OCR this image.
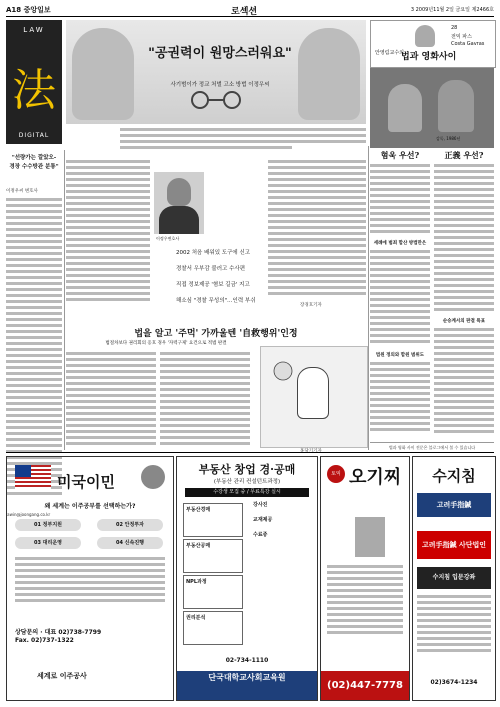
A18 중앙일보	로섹션	3 2009년11월 2일 금요일 제2466호
LAW
法
DIGITAL
"공권력이 원망스러워요"
사기범이가 정교 처벌 고소 방법 이정우씨
28
전익 파스
Costa Gavras
안영림교수의
법과 영화사이
감독, 1986년
"선량가는 깔았오-
경장 수수방관 분통"
이정우씨 변호사
lawin@joongang.co.kr
이정우변호사
2002 처음 배워있 도구에 신고
경찰서 우부감 불러고 수사편
직접 정보제공 '혐보 길금' 지고
해소심 "경찰 무성의"…인력 부쉬
장경호기자
법을 알고 '주먹' 가까울텐 '自救행위'인정
법절차보다 권리회의 옹호 경우 '자력구제' 요건으로 적법 판결
혐욱 우선?	正義 우선?
세례에 범죄 합산 방법만은
순숭계서의 판결 특표
법원 정의와 합원 범위도
법과 영화 사이 전문은 블로그에서 볼 수 있습니다
미국이민
왜 세계는 이주공부를 선택하는가?
01 정부지원	02 안정투자
03 대리운영	04 신속진행
상담문의 · 대표 02)738-7799
Fax. 02)737-1322
세계로 이주공사
부동산 창업 경·공매
(부동산 관리 컨설턴트과정)
수강생 모집 중 / 무료특강 실시
부동산경매
부동산공매
NPL과정
권리분석
강사진
교재제공
수료증
02-734-1110
단국대학교사회교육원
토익 오기찌
(02)447-7778
수지침
고려手指鍼
고려手指鍼 사단법인
수지침 입문강좌
02)3674-1234
